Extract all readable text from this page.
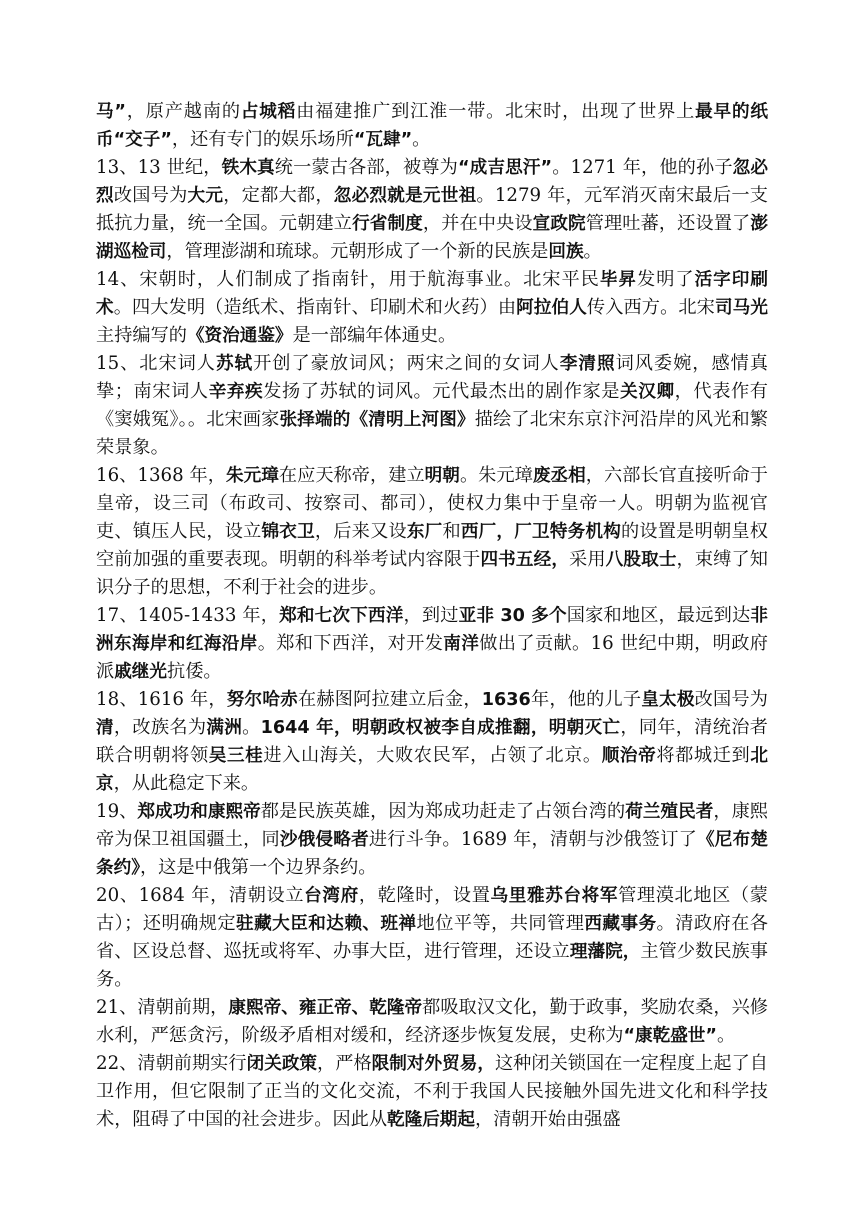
马”，原产越南的占城稻由福建推广到江淮一带。北宋时，出现了世界上最早的纸币“交子”，还有专门的娱乐场所“瓦肆”。

13、13 世纪，铁木真统一蒙古各部，被尊为“成吉思汗”。1271 年，他的孙子忽必烈改国号为大元，定都大都，忽必烈就是元世祖。1279 年，元军消灭南宋最后一支抵抗力量，统一全国。元朝建立行省制度，并在中央设宣政院管理吐蕃，还设置了澎湖巡检司，管理澎湖和琉球。元朝形成了一个新的民族是回族。

14、宋朝时，人们制成了指南针，用于航海事业。北宋平民毕昇发明了活字印刷术。四大发明（造纸术、指南针、印刷术和火药）由阿拉伯人传入西方。北宋司马光主持编写的《资治通鉴》是一部编年体通史。

15、北宋词人苏轼开创了豪放词风；两宋之间的女词人李清照词风委婉，感情真挚；南宋词人辛弃疾发扬了苏轼的词风。元代最杰出的剧作家是关汉卿，代表作有《窦娥冤》。。北宋画家张择端的《清明上河图》描绘了北宋东京汴河沿岸的风光和繁荣景象。

16、1368 年，朱元璋在应天称帝，建立明朝。朱元璋废丞相，六部长官直接听命于皇帝，设三司（布政司、按察司、都司），使权力集中于皇帝一人。明朝为监视官吏、镇压人民，设立锦衣卫，后来又设东厂和西厂，厂卫特务机构的设置是明朝皇权空前加强的重要表现。明朝的科举考试内容限于四书五经，采用八股取士，束缚了知识分子的思想，不利于社会的进步。

17、1405-1433 年，郑和七次下西洋，到过亚非 30 多个国家和地区，最远到达非洲东海岸和红海沿岸。郑和下西洋，对开发南洋做出了贡献。16 世纪中期，明政府派戚继光抗倭。

18、1616 年，努尔哈赤在赫图阿拉建立后金，1636年，他的儿子皇太极改国号为清，改族名为满洲。1644 年，明朝政权被李自成推翻，明朝灭亡，同年，清统治者联合明朝将领吴三桂进入山海关，大败农民军，占领了北京。顺治帝将都城迁到北京，从此稳定下来。

19、郑成功和康熙帝都是民族英雄，因为郑成功赶走了占领台湾的荷兰殖民者，康熙帝为保卫祖国疆土，同沙俄侵略者进行斗争。1689 年，清朝与沙俄签订了《尼布楚条约》，这是中俄第一个边界条约。

20、1684 年，清朝设立台湾府，乾隆时，设置乌里雅苏台将军管理漠北地区（蒙古）；还明确规定驻藏大臣和达赖、班禅地位平等，共同管理西藏事务。清政府在各省、区设总督、巡抚或将军、办事大臣，进行管理，还设立理藩院，主管少数民族事务。

21、清朝前期，康熙帝、雍正帝、乾隆帝都吸取汉文化，勤于政事，奖励农桑，兴修水利，严惩贪污，阶级矛盾相对缓和，经济逐步恢复发展，史称为“康乾盛世”。

22、清朝前期实行闭关政策，严格限制对外贸易，这种闭关锁国在一定程度上起了自卫作用，但它限制了正当的文化交流，不利于我国人民接触外国先进文化和科学技术，阻碍了中国的社会进步。因此从乾隆后期起，清朝开始由强盛
